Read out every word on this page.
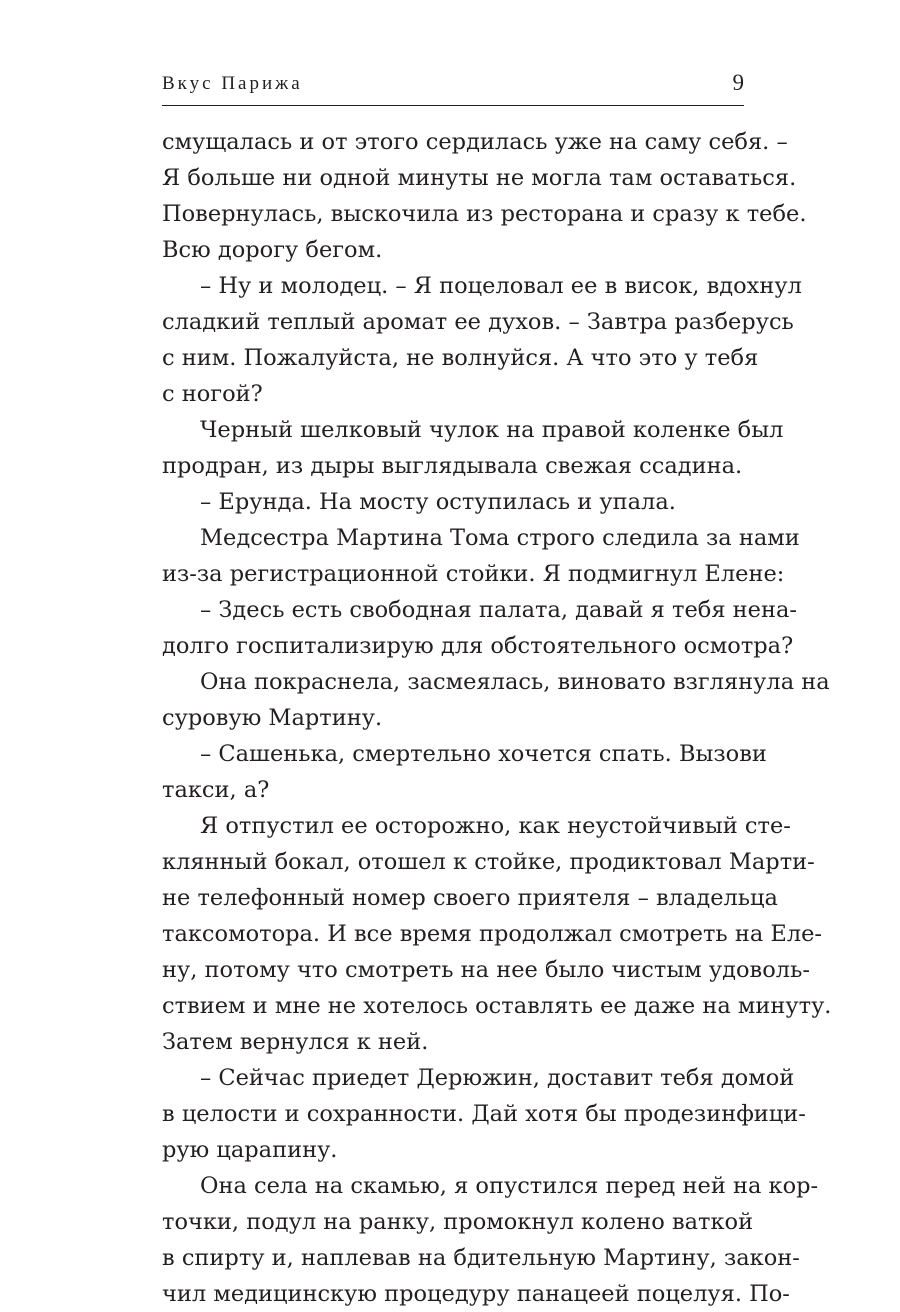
Вкус Парижа	9
смущалась и от этого сердилась уже на саму себя. –
Я больше ни одной минуты не могла там оставаться.
Повернулась, выскочила из ресторана и сразу к тебе.
Всю дорогу бегом.
– Ну и молодец. – Я поцеловал ее в висок, вдохнул
сладкий теплый аромат ее духов. – Завтра разберусь
с ним. Пожалуйста, не волнуйся. А что это у тебя
с ногой?
Черный шелковый чулок на правой коленке был
продран, из дыры выглядывала свежая ссадина.
– Ерунда. На мосту оступилась и упала.
Медсестра Мартина Тома строго следила за нами
из-за регистрационной стойки. Я подмигнул Елене:
– Здесь есть свободная палата, давай я тебя нена-
долго госпитализирую для обстоятельного осмотра?
Она покраснела, засмеялась, виновато взглянула на
суровую Мартину.
– Сашенька, смертельно хочется спать. Вызови
такси, а?
Я отпустил ее осторожно, как неустойчивый сте-
клянный бокал, отошел к стойке, продиктовал Марти-
не телефонный номер своего приятеля – владельца
таксомотора. И все время продолжал смотреть на Еле-
ну, потому что смотреть на нее было чистым удоволь-
ствием и мне не хотелось оставлять ее даже на минуту.
Затем вернулся к ней.
– Сейчас приедет Дерюжин, доставит тебя домой
в целости и сохранности. Дай хотя бы продезинфици-
рую царапину.
Она села на скамью, я опустился перед ней на кор-
точки, подул на ранку, промокнул колено ваткой
в спирту и, наплевав на бдительную Мартину, закон-
чил медицинскую процедуру панацеей поцелуя. По-
